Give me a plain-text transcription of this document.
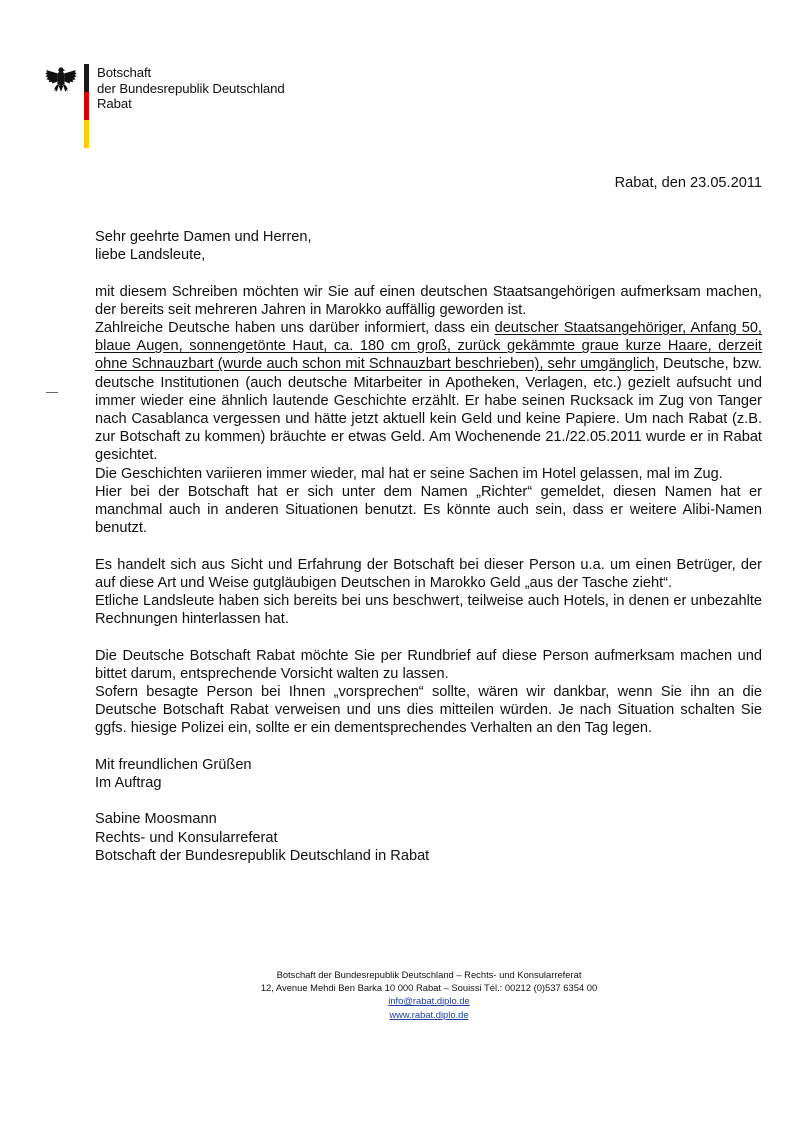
Botschaft
der Bundesrepublik Deutschland
Rabat
Rabat, den 23.05.2011

Sehr geehrte Damen und Herren,

liebe Landsleute,

mit diesem Schreiben möchten wir Sie auf einen deutschen Staatsangehörigen aufmerksam machen, der bereits seit mehreren Jahren in Marokko auffällig geworden ist.

Zahlreiche Deutsche haben uns darüber informiert, dass ein deutscher Staatsangehöriger, Anfang 50, blaue Augen, sonnengetönte Haut, ca. 180 cm groß, zurück gekämmte graue kurze Haare, derzeit ohne Schnauzbart (wurde auch schon mit Schnauzbart beschrieben), sehr umgänglich, Deutsche, bzw. deutsche Institutionen (auch deutsche Mitarbeiter in Apotheken, Verlagen, etc.) gezielt aufsucht und immer wieder eine ähnlich lautende Geschichte erzählt. Er habe seinen Rucksack im Zug von Tanger nach Casablanca vergessen und hätte jetzt aktuell kein Geld und keine Papiere. Um nach Rabat (z.B. zur Botschaft zu kommen) bräuchte er etwas Geld. Am Wochenende 21./22.05.2011 wurde er in Rabat gesichtet.

Die Geschichten variieren immer wieder, mal hat er seine Sachen im Hotel gelassen, mal im Zug.

Hier bei der Botschaft hat er sich unter dem Namen „Richter“ gemeldet, diesen Namen hat er manchmal auch in anderen Situationen benutzt. Es könnte auch sein, dass er weitere Alibi-Namen benutzt.

Es handelt sich aus Sicht und Erfahrung der Botschaft bei dieser Person u.a. um einen Betrüger, der auf diese Art und Weise gutgläubigen Deutschen in Marokko Geld „aus der Tasche zieht“.

Etliche Landsleute haben sich bereits bei uns beschwert, teilweise auch Hotels, in denen er unbezahlte Rechnungen hinterlassen hat.

Die Deutsche Botschaft Rabat möchte Sie per Rundbrief auf diese Person aufmerksam machen und bittet darum, entsprechende Vorsicht walten zu lassen.

Sofern besagte Person bei Ihnen „vorsprechen“ sollte, wären wir dankbar, wenn Sie ihn an die Deutsche Botschaft Rabat verweisen und uns dies mitteilen würden. Je nach Situation schalten Sie ggfs. hiesige Polizei ein, sollte er ein dementsprechendes Verhalten an den Tag legen.

Mit freundlichen Grüßen

Im Auftrag

Sabine Moosmann

Rechts- und Konsularreferat

Botschaft der Bundesrepublik Deutschland in Rabat

Botschaft der Bundesrepublik Deutschland – Rechts- und Konsularreferat
12, Avenue Mehdi Ben Barka 10 000 Rabat – Souissi Tél.: 00212 (0)537 6354 00
info@rabat.diplo.de
www.rabat.diplo.de
